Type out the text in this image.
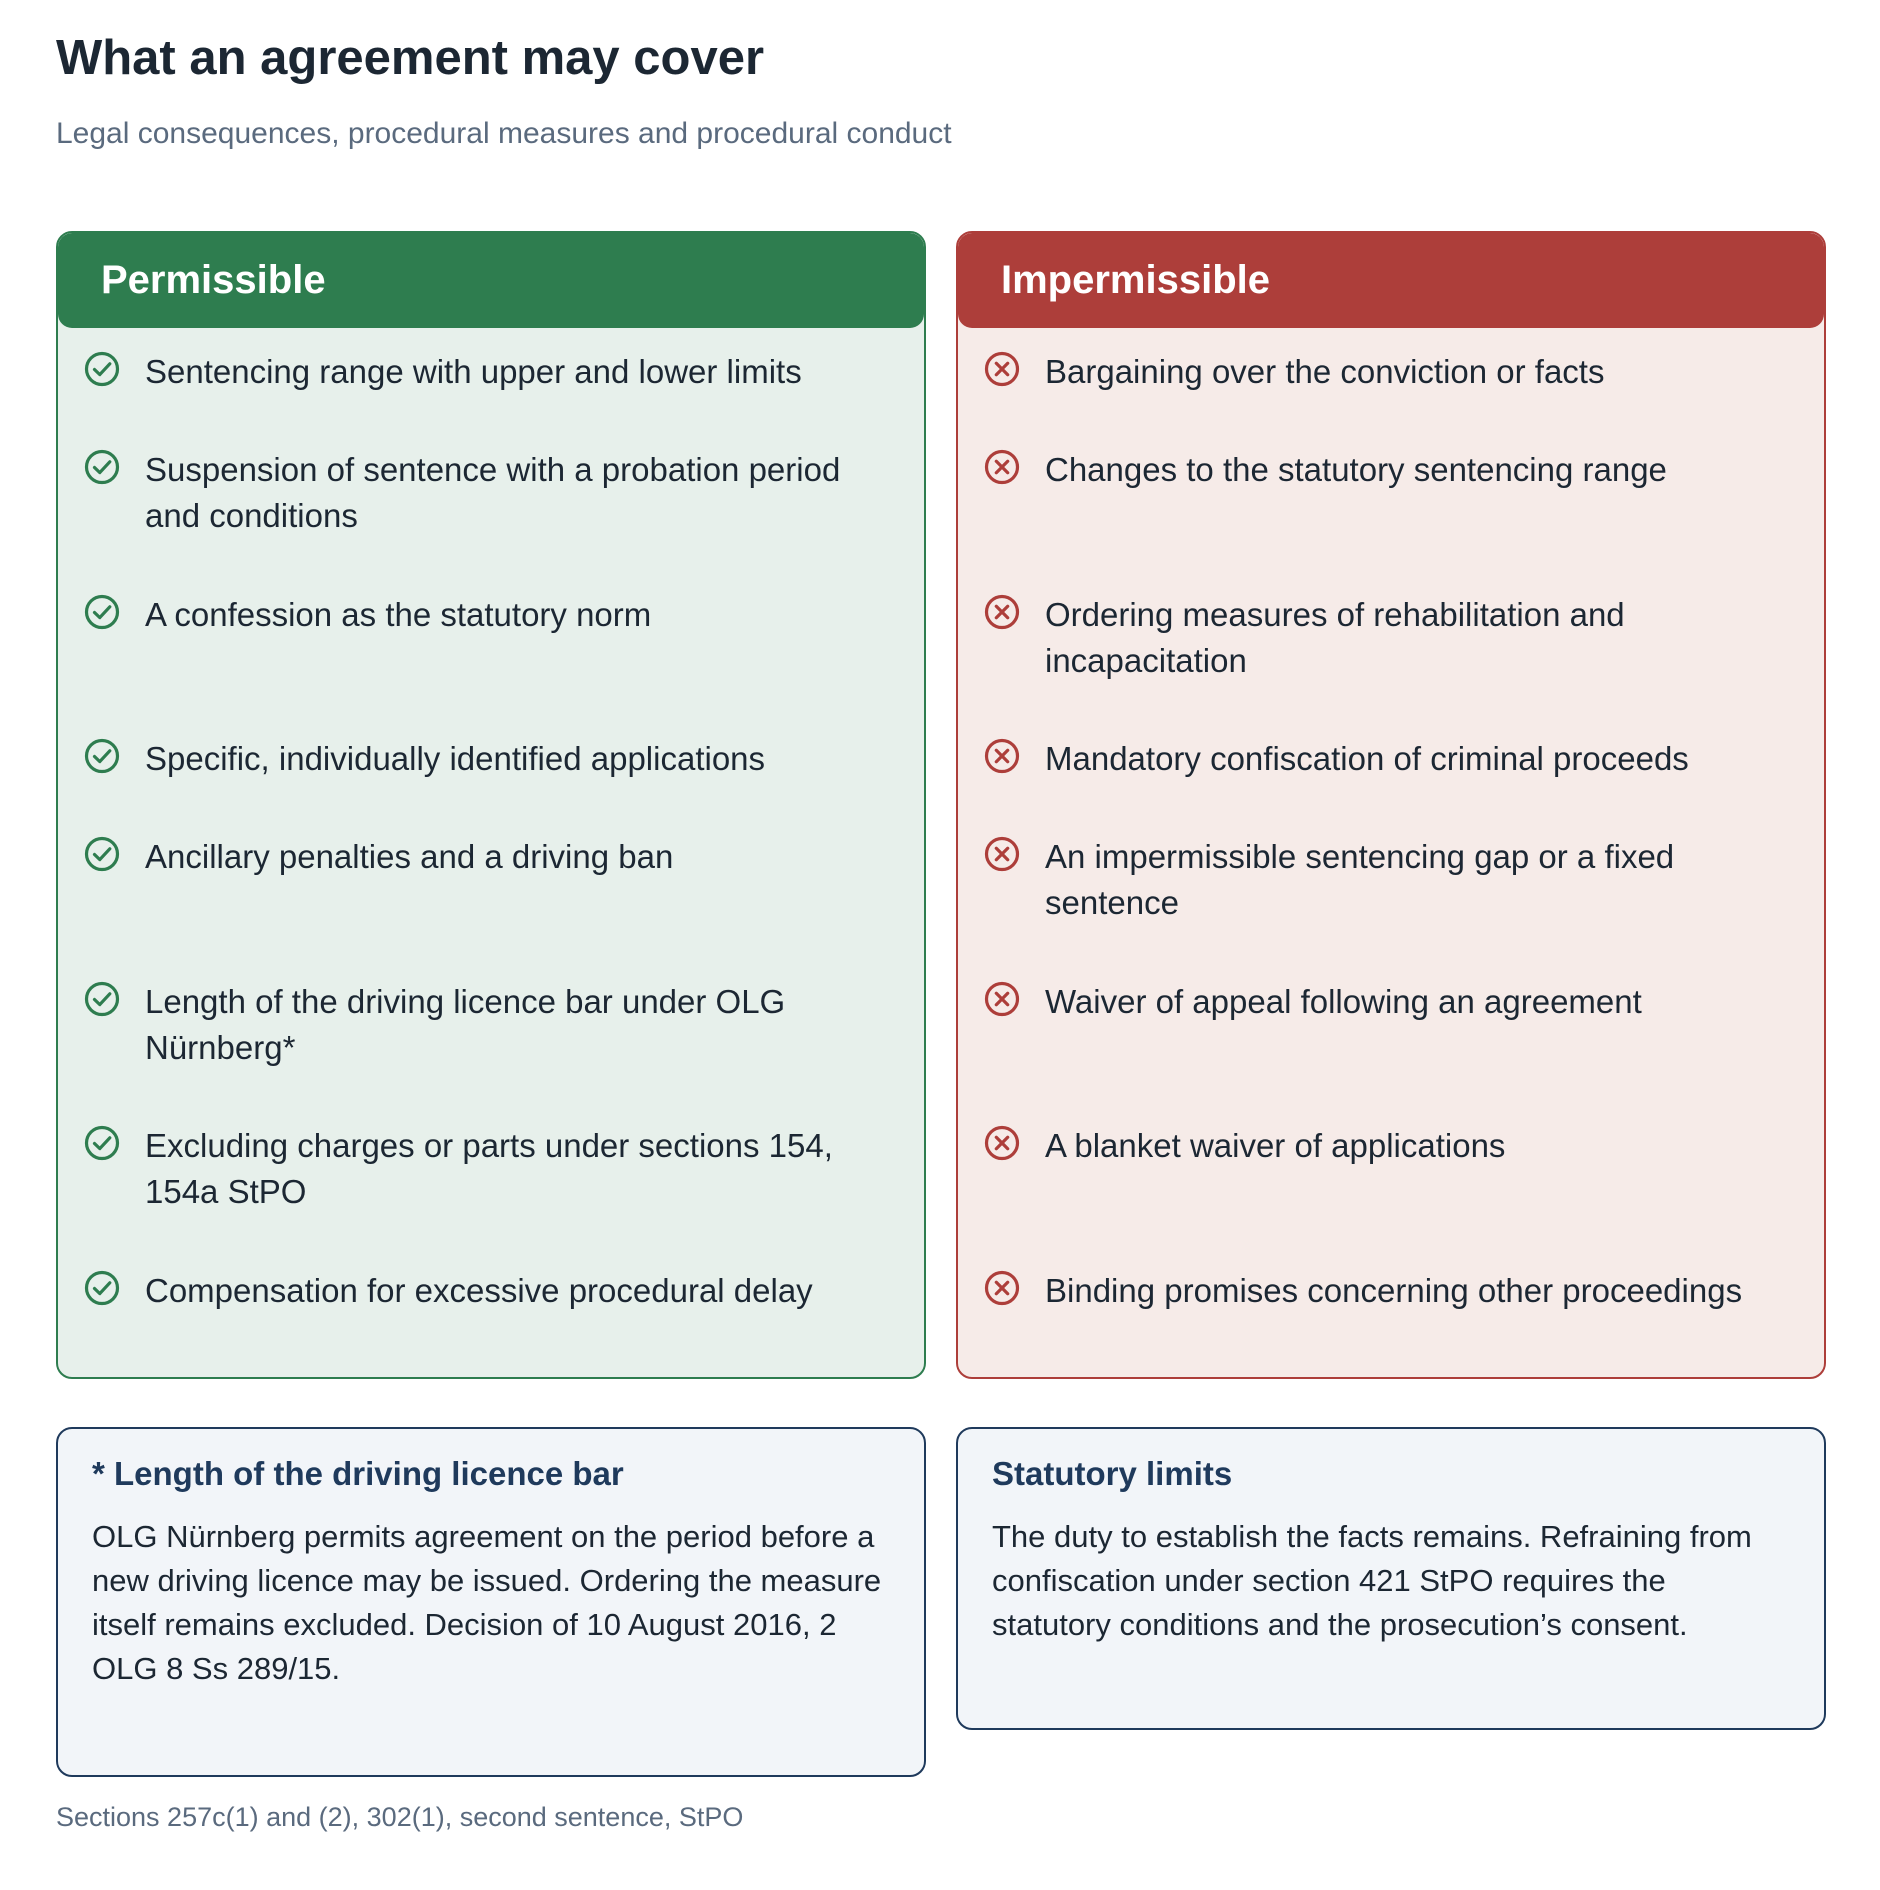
What an agreement may cover

Legal consequences, procedural measures and procedural conduct

Permissible
Sentencing range with upper and lower limits
Suspension of sentence with a probation period and conditions
A confession as the statutory norm
Specific, individually identified applications
Ancillary penalties and a driving ban
Length of the driving licence bar under OLG Nürnberg*
Excluding charges or parts under sections 154, 154a StPO
Compensation for excessive procedural delay
Impermissible
Bargaining over the conviction or facts
Changes to the statutory sentencing range
Ordering measures of rehabilitation and incapacitation
Mandatory confiscation of criminal proceeds
An impermissible sentencing gap or a fixed sentence
Waiver of appeal following an agreement
A blanket waiver of applications
Binding promises concerning other proceedings
* Length of the driving licence bar

OLG Nürnberg permits agreement on the period before a new driving licence may be issued. Ordering the measure itself remains excluded. Decision of 10 August 2016, 2 OLG 8 Ss 289/15.

Statutory limits

The duty to establish the facts remains. Refraining from confiscation under section 421 StPO requires the statutory conditions and the prosecution’s consent.

Sections 257c(1) and (2), 302(1), second sentence, StPO
